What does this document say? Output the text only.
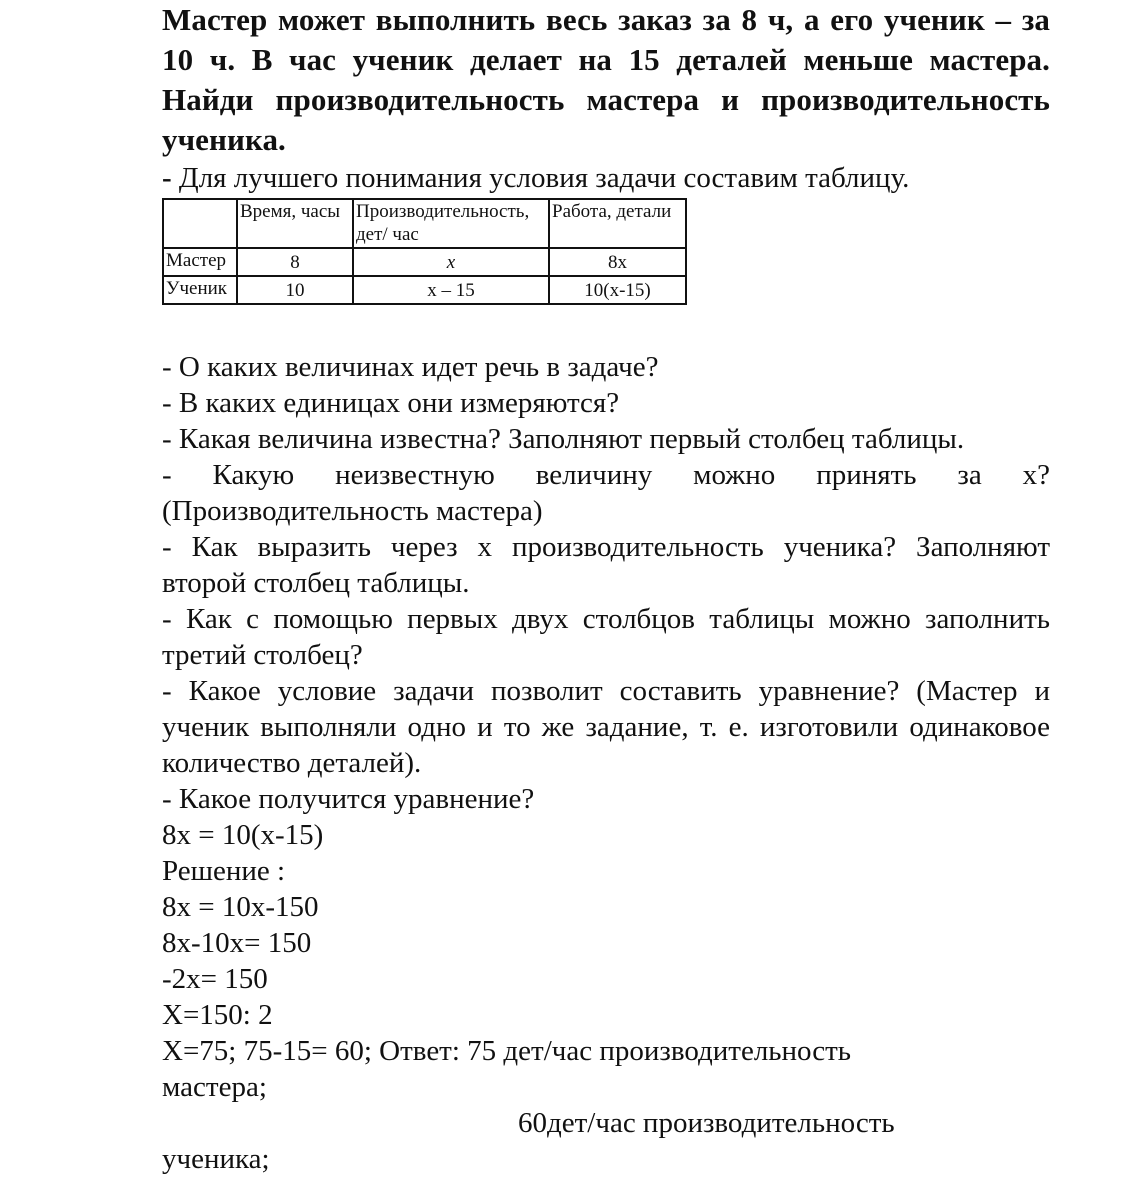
Мастер может выполнить весь заказ за 8 ч, а его ученик – за 10 ч. В час ученик делает на 15 деталей меньше мастера. Найди производительность мастера и производительность ученика.

- Для лучшего понимания условия задачи составим таблицу.

	Время, часы	Производительность, дет/ час	Работа, детали
Мастер	8	x	8x
Ученик	10	x – 15	10(x-15)

- О каких величинах идет речь в задаче?

- В каких единицах они измеряются?

- Какая величина известна? Заполняют первый столбец таблицы.

- Какую неизвестную величину можно принять за x? (Производительность мастера)

- Как выразить через x производительность ученика? Заполняют второй столбец таблицы.

- Как с помощью первых двух столбцов таблицы можно заполнить третий столбец?

- Какое условие задачи позволит составить уравнение? (Мастер и ученик выполняли одно и то же задание, т. е. изготовили одинаковое количество деталей).

- Какое получится уравнение?

8x = 10(x-15)

Решение :

8x = 10x-150

8x-10x= 150

-2x= 150

X=150: 2

X=75; 75-15= 60; Ответ: 75 дет/час производительность

мастера;

60дет/час производительность

ученика;
